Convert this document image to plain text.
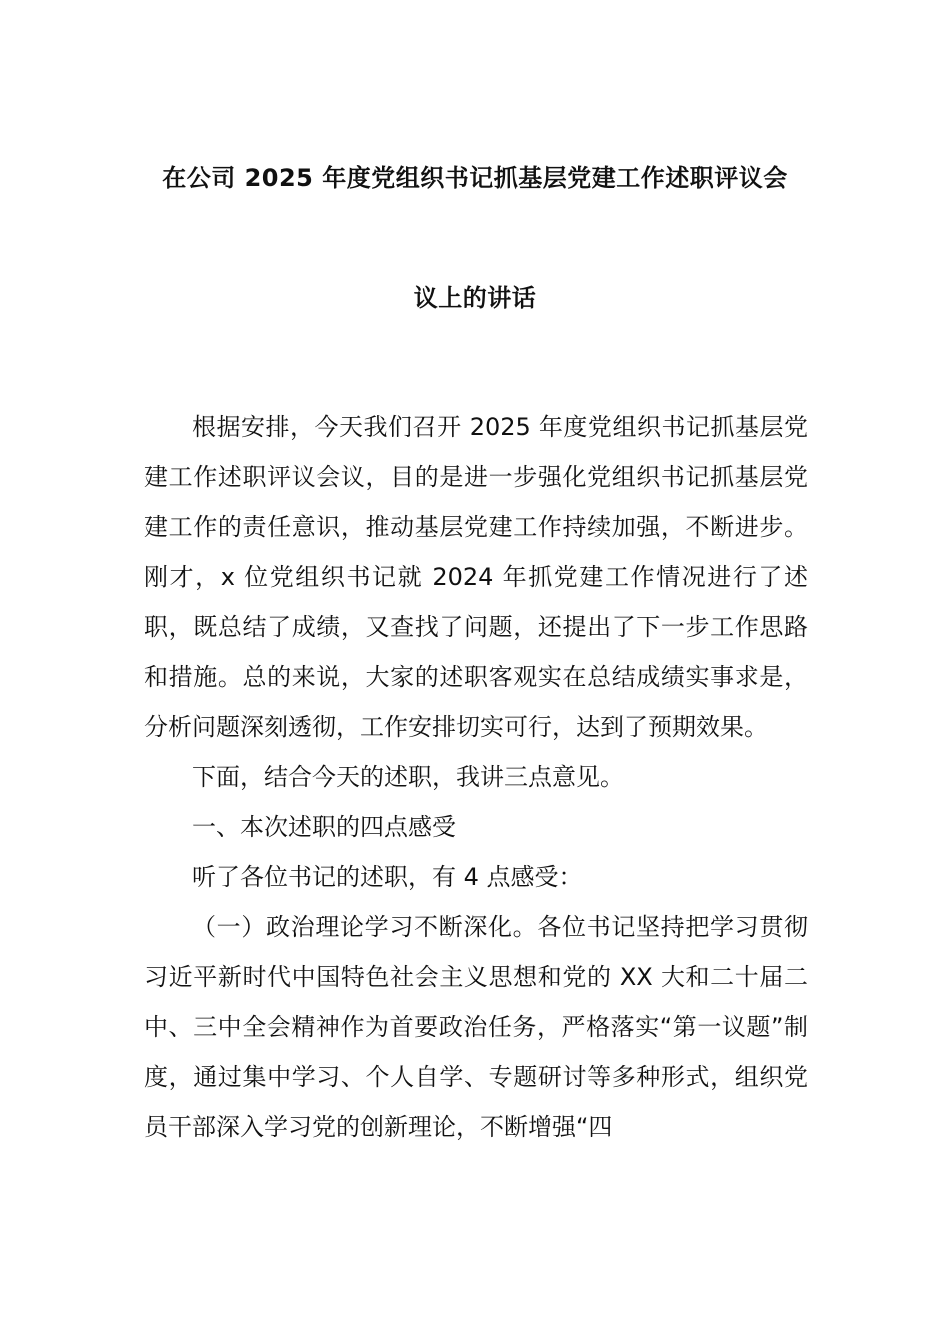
在公司 2025 年度党组织书记抓基层党建工作述职评议会
议上的讲话

根据安排，今天我们召开 2025 年度党组织书记抓基层党建工作述职评议会议，目的是进一步强化党组织书记抓基层党建工作的责任意识，推动基层党建工作持续加强，不断进步。刚才，x 位党组织书记就 2024 年抓党建工作情况进行了述职，既总结了成绩，又查找了问题，还提出了下一步工作思路和措施。总的来说，大家的述职客观实在总结成绩实事求是，分析问题深刻透彻，工作安排切实可行，达到了预期效果。

下面，结合今天的述职，我讲三点意见。

一、本次述职的四点感受

听了各位书记的述职，有 4 点感受：

（一）政治理论学习不断深化。各位书记坚持把学习贯彻习近平新时代中国特色社会主义思想和党的 XX 大和二十届二中、三中全会精神作为首要政治任务，严格落实“第一议题”制度，通过集中学习、个人自学、专题研讨等多种形式，组织党员干部深入学习党的创新理论，不断增强“四
